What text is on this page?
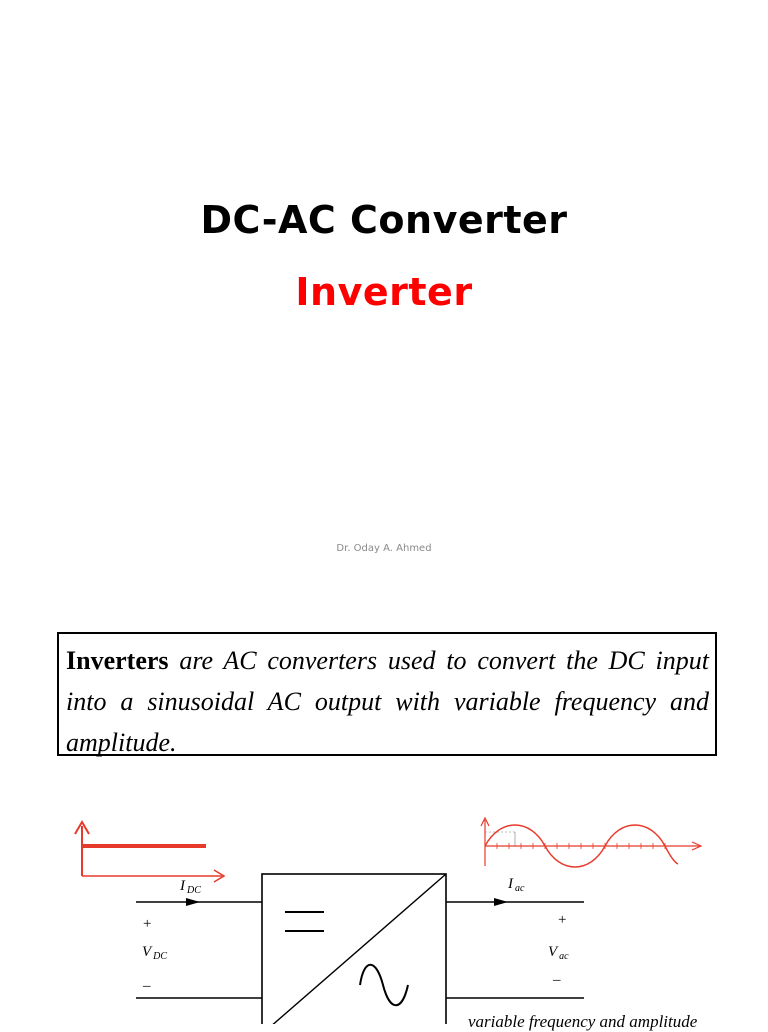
DC-AC Converter
Inverter
Dr. Oday A. Ahmed
Inverters are AC converters used to convert the DC input into a sinusoidal AC output with variable frequency and amplitude.
I $_{DC}$
+
V $_{DC}$
–
I $_{ac}$
+
V $_{ac}$
–
variable frequency and amplitude
